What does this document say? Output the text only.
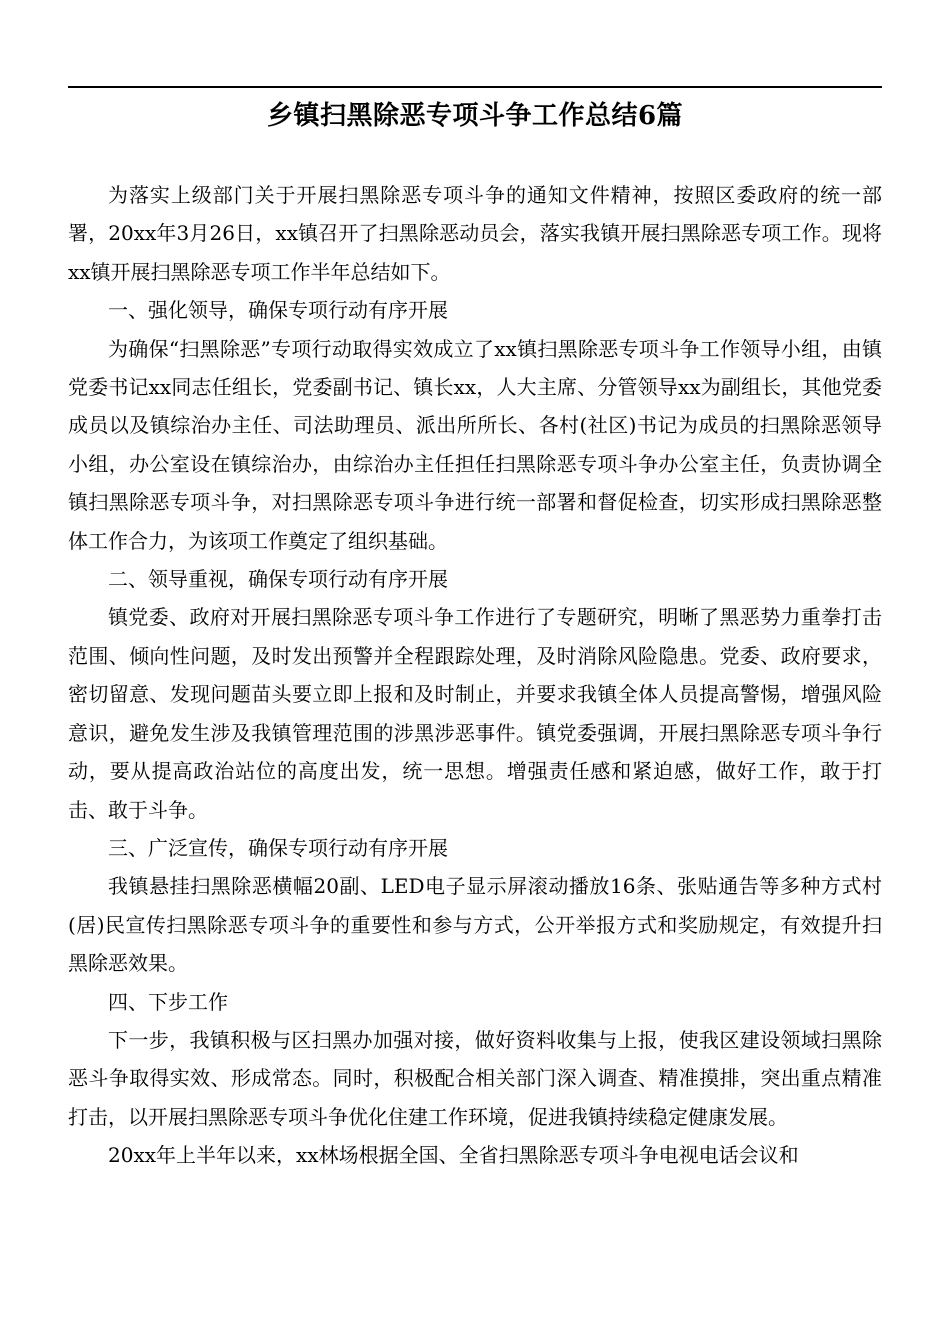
乡镇扫黑除恶专项斗争工作总结6篇

为落实上级部门关于开展扫黑除恶专项斗争的通知文件精神，按照区委政府的统一部署，20xx年3月26日，xx镇召开了扫黑除恶动员会，落实我镇开展扫黑除恶专项工作。现将xx镇开展扫黑除恶专项工作半年总结如下。

一、强化领导，确保专项行动有序开展

为确保“扫黑除恶”专项行动取得实效成立了xx镇扫黑除恶专项斗争工作领导小组，由镇党委书记xx同志任组长，党委副书记、镇长xx，人大主席、分管领导xx为副组长，其他党委成员以及镇综治办主任、司法助理员、派出所所长、各村(社区)书记为成员的扫黑除恶领导小组，办公室设在镇综治办，由综治办主任担任扫黑除恶专项斗争办公室主任，负责协调全镇扫黑除恶专项斗争，对扫黑除恶专项斗争进行统一部署和督促检查，切实形成扫黑除恶整体工作合力，为该项工作奠定了组织基础。

二、领导重视，确保专项行动有序开展

镇党委、政府对开展扫黑除恶专项斗争工作进行了专题研究，明晰了黑恶势力重拳打击范围、倾向性问题，及时发出预警并全程跟踪处理，及时消除风险隐患。党委、政府要求，密切留意、发现问题苗头要立即上报和及时制止，并要求我镇全体人员提高警惕，增强风险意识，避免发生涉及我镇管理范围的涉黑涉恶事件。镇党委强调，开展扫黑除恶专项斗争行动，要从提高政治站位的高度出发，统一思想。增强责任感和紧迫感，做好工作，敢于打击、敢于斗争。

三、广泛宣传，确保专项行动有序开展

我镇悬挂扫黑除恶横幅20副、LED电子显示屏滚动播放16条、张贴通告等多种方式村(居)民宣传扫黑除恶专项斗争的重要性和参与方式，公开举报方式和奖励规定，有效提升扫黑除恶效果。

四、下步工作

下一步，我镇积极与区扫黑办加强对接，做好资料收集与上报，使我区建设领域扫黑除恶斗争取得实效、形成常态。同时，积极配合相关部门深入调查、精准摸排，突出重点精准打击，以开展扫黑除恶专项斗争优化住建工作环境，促进我镇持续稳定健康发展。

20xx年上半年以来，xx林场根据全国、全省扫黑除恶专项斗争电视电话会议和
